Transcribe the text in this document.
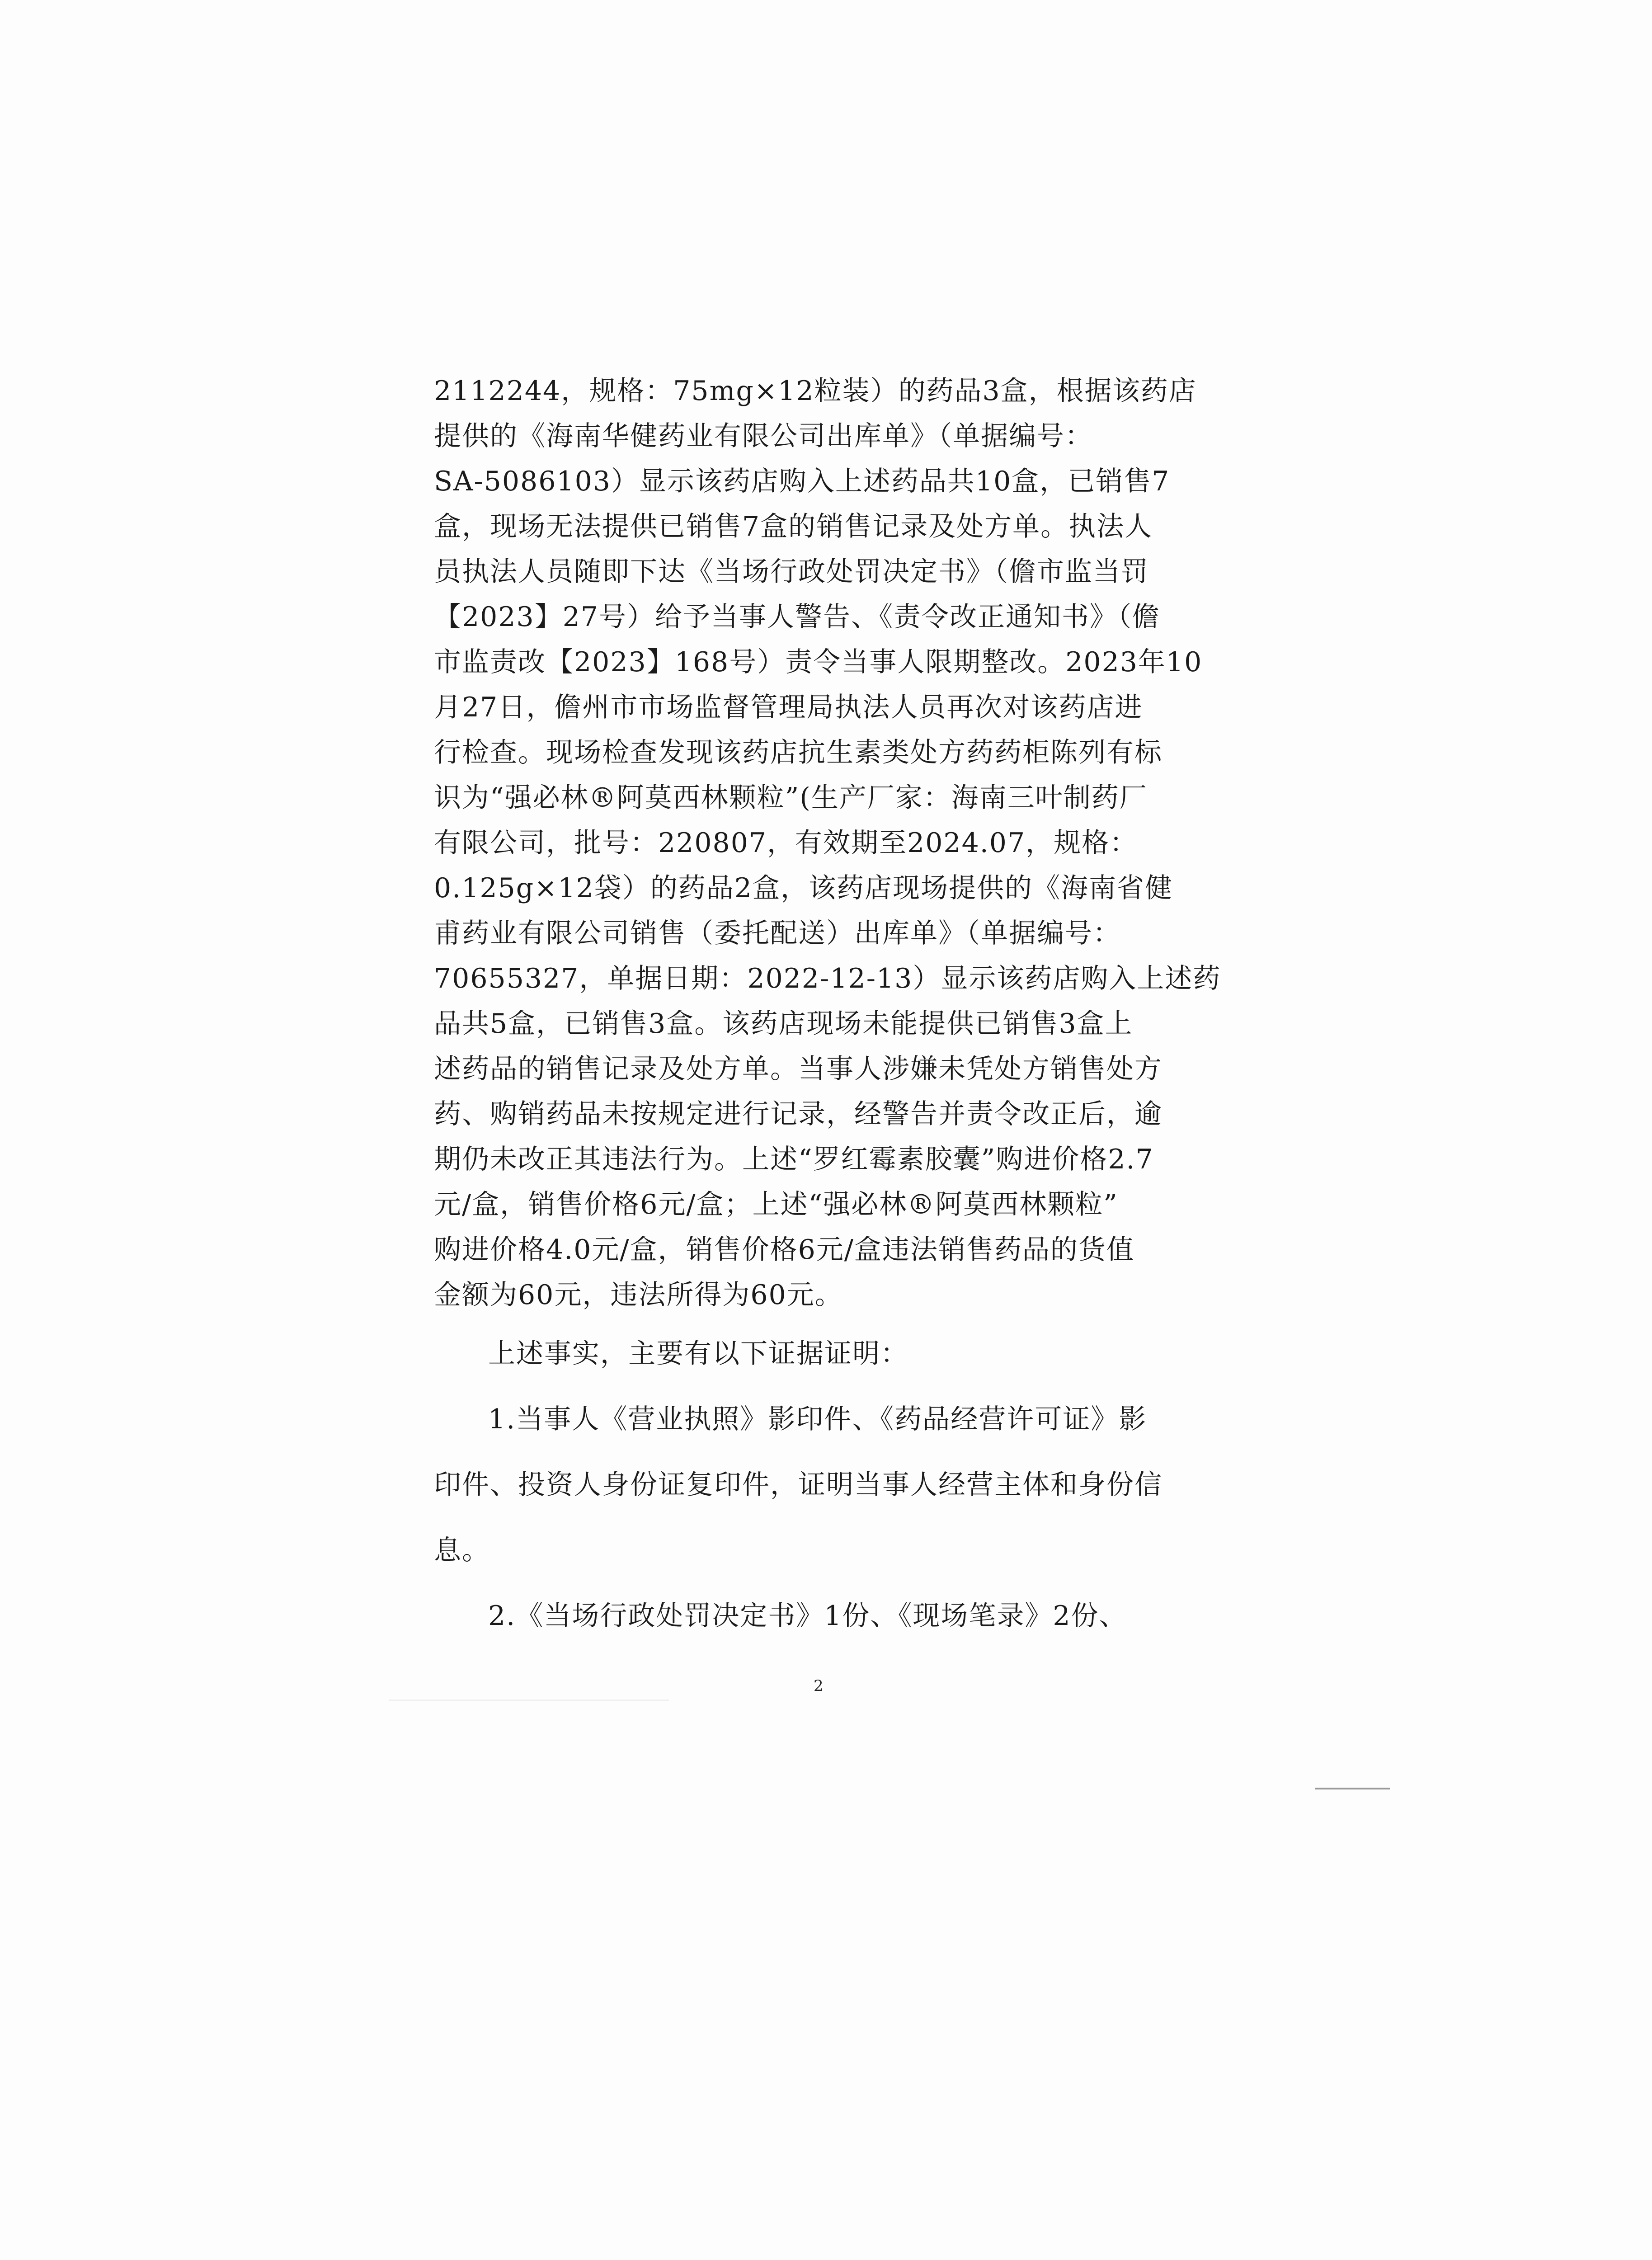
2112244，规格：75mg×12粒装）的药品3盒，根据该药店
提供的《海南华健药业有限公司出库单》（单据编号：
SA-5086103）显示该药店购入上述药品共10盒，已销售7
盒，现场无法提供已销售7盒的销售记录及处方单。执法人
员执法人员随即下达《当场行政处罚决定书》（儋市监当罚
【2023】27号）给予当事人警告、《责令改正通知书》（儋
市监责改【2023】168号）责令当事人限期整改。2023年10
月27日，儋州市市场监督管理局执法人员再次对该药店进
行检查。现场检查发现该药店抗生素类处方药药柜陈列有标
识为“强必林®阿莫西林颗粒”(生产厂家：海南三叶制药厂
有限公司，批号：220807，有效期至2024.07，规格：
0.125g×12袋）的药品2盒，该药店现场提供的《海南省健
甫药业有限公司销售（委托配送）出库单》（单据编号：
70655327，单据日期：2022-12-13）显示该药店购入上述药
品共5盒，已销售3盒。该药店现场未能提供已销售3盒上
述药品的销售记录及处方单。当事人涉嫌未凭处方销售处方
药、购销药品未按规定进行记录，经警告并责令改正后，逾
期仍未改正其违法行为。上述“罗红霉素胶囊”购进价格2.7
元/盒，销售价格6元/盒；上述“强必林®阿莫西林颗粒”
购进价格4.0元/盒，销售价格6元/盒违法销售药品的货值
金额为60元，违法所得为60元。
上述事实，主要有以下证据证明：
1.当事人《营业执照》影印件、《药品经营许可证》影
印件、投资人身份证复印件，证明当事人经营主体和身份信
息。
2.《当场行政处罚决定书》1份、《现场笔录》2份、
2
